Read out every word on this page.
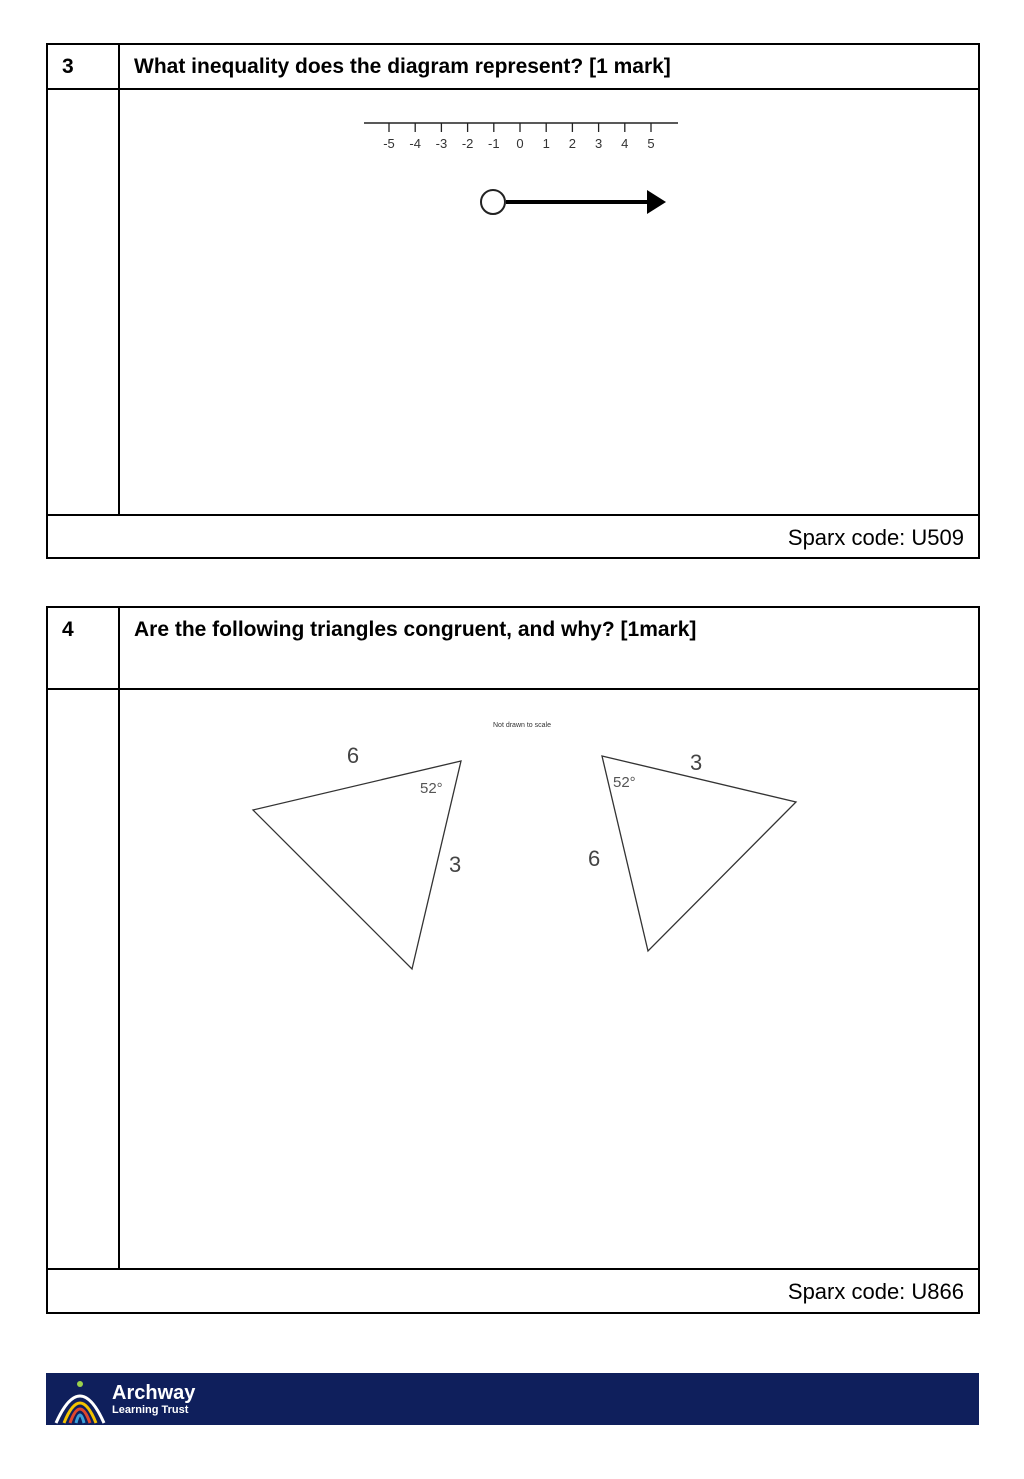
3	What inequality does the diagram represent? [1 mark]
-5 -4 -3 -2 -1 0 1 2 3 4 5
Sparx code: U509
4	Are the following triangles congruent, and why? [1mark]
Not drawn to scale
6
52°
3
3
52°
6
Sparx code: U866
Archway
Learning Trust
